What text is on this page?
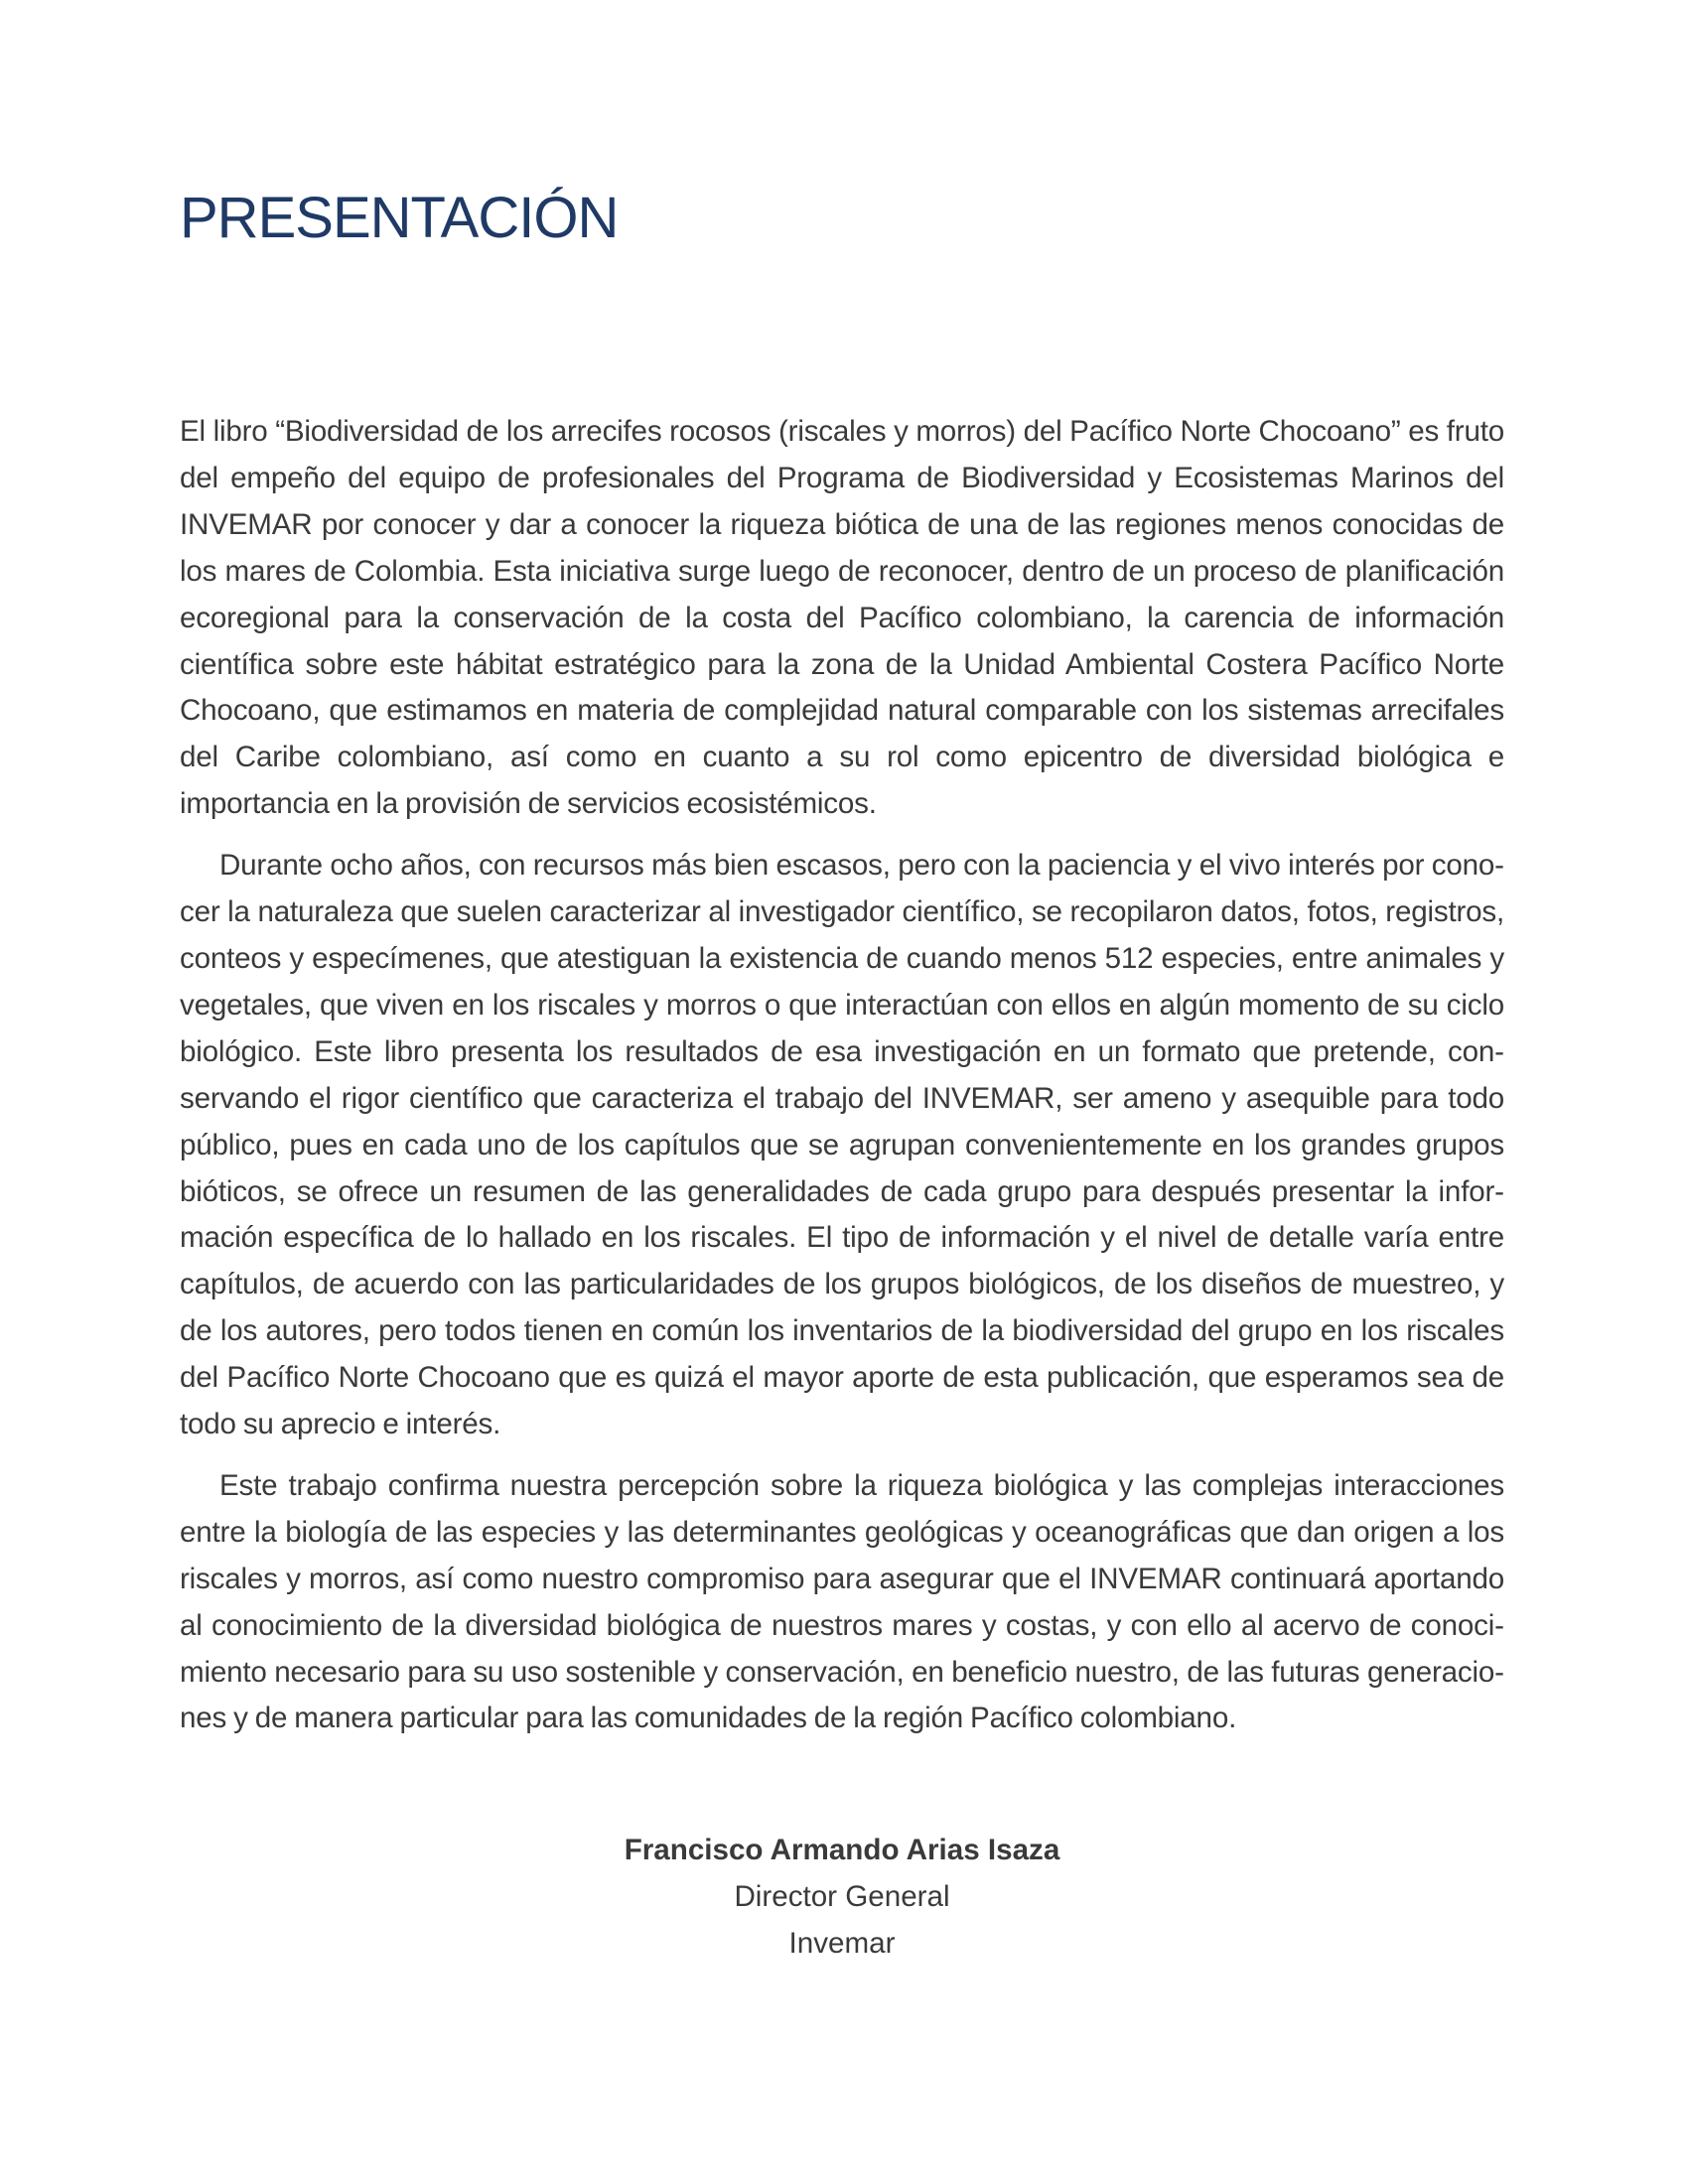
PRESENTACIÓN

El libro “Biodiversidad de los arrecifes rocosos (riscales y morros) del Pacífico Norte Chocoano” es fruto del empeño del equipo de profesionales del Programa de Biodiversidad y Ecosistemas Marinos del INVEMAR por conocer y dar a conocer la riqueza biótica de una de las regiones menos conocidas de los mares de Colombia. Esta iniciativa surge luego de reconocer, dentro de un proceso de planificación ecoregional para la conservación de la costa del Pacífico colombiano, la carencia de información científica sobre este hábitat estratégico para la zona de la Unidad Ambiental Costera Pacífico Norte Chocoano, que estimamos en materia de complejidad natural comparable con los sistemas arrecifales del Caribe colombiano, así como en cuanto a su rol como epicentro de diversidad biológica e importancia en la provisión de servicios ecosistémicos.

Durante ocho años, con recursos más bien escasos, pero con la paciencia y el vivo interés por conocer la naturaleza que suelen caracterizar al investigador científico, se recopilaron datos, fotos, registros, conteos y especímenes, que atestiguan la existencia de cuando menos 512 especies, entre animales y vegetales, que viven en los riscales y morros o que interactúan con ellos en algún momento de su ciclo biológico. Este libro presenta los resultados de esa investigación en un formato que pretende, conservando el rigor científico que caracteriza el trabajo del INVEMAR, ser ameno y asequible para todo público, pues en cada uno de los capítulos que se agrupan convenientemente en los grandes grupos bióticos, se ofrece un resumen de las generalidades de cada grupo para después presentar la información específica de lo hallado en los riscales. El tipo de información y el nivel de detalle varía entre capítulos, de acuerdo con las particularidades de los grupos biológicos, de los diseños de muestreo, y de los autores, pero todos tienen en común los inventarios de la biodiversidad del grupo en los riscales del Pacífico Norte Chocoano que es quizá el mayor aporte de esta publicación, que esperamos sea de todo su aprecio e interés.

Este trabajo confirma nuestra percepción sobre la riqueza biológica y las complejas interacciones entre la biología de las especies y las determinantes geológicas y oceanográficas que dan origen a los riscales y morros, así como nuestro compromiso para asegurar que el INVEMAR continuará aportando al conocimiento de la diversidad biológica de nuestros mares y costas, y con ello al acervo de conocimiento necesario para su uso sostenible y conservación, en beneficio nuestro, de las futuras generaciones y de manera particular para las comunidades de la región Pacífico colombiano.

Francisco Armando Arias Isaza
Director General
Invemar
